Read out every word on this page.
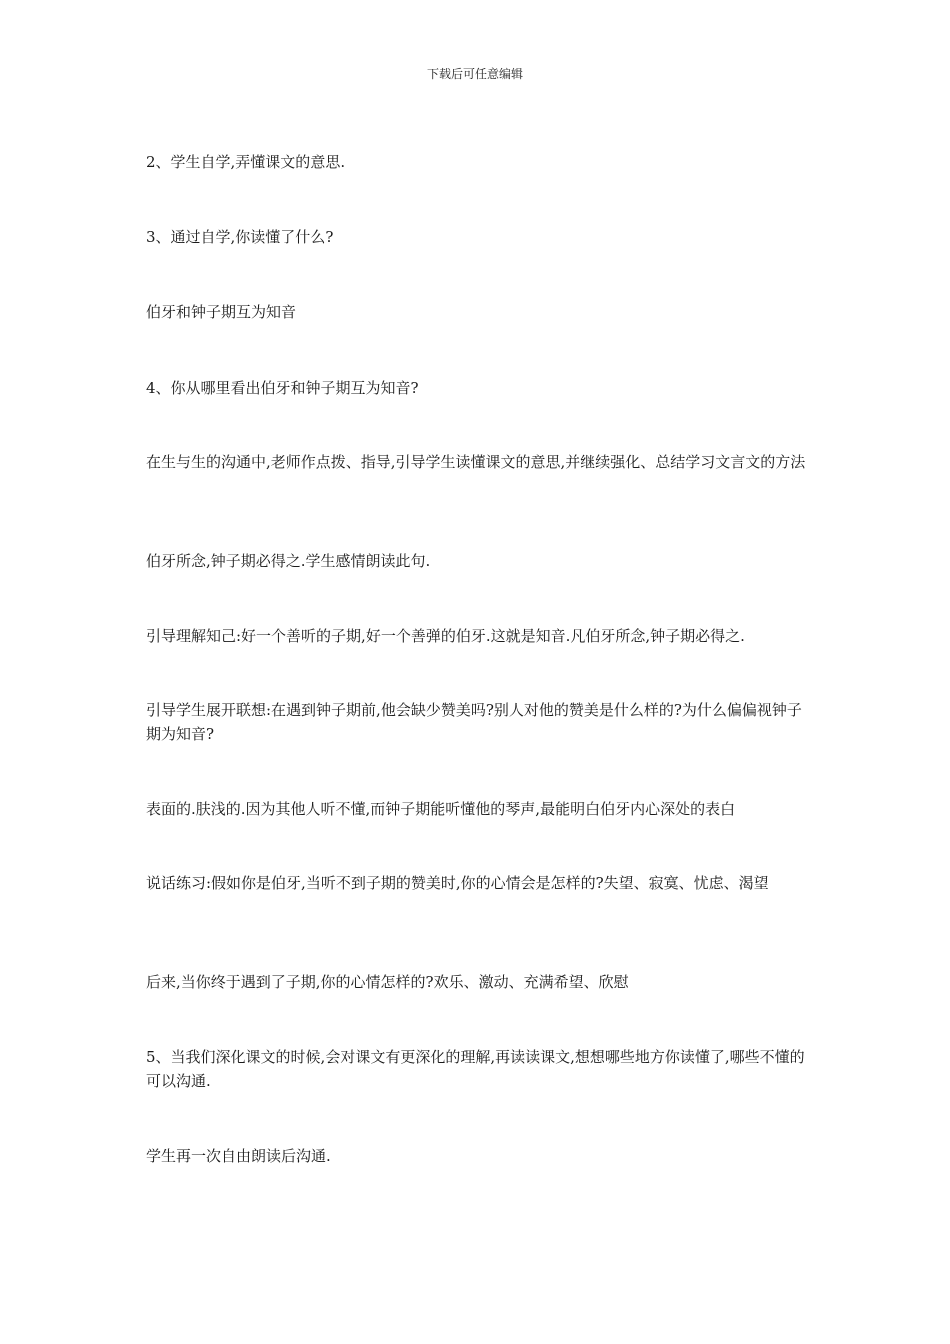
下载后可任意编辑

2、学生自学,弄懂课文的意思.

3、通过自学,你读懂了什么?

伯牙和钟子期互为知音

4、你从哪里看出伯牙和钟子期互为知音?

在生与生的沟通中,老师作点拨、指导,引导学生读懂课文的意思,并继续强化、总结学习文言文的方法

伯牙所念,钟子期必得之.学生感情朗读此句.

引导理解知己:好一个善听的子期,好一个善弹的伯牙.这就是知音.凡伯牙所念,钟子期必得之.

引导学生展开联想:在遇到钟子期前,他会缺少赞美吗?别人对他的赞美是什么样的?为什么偏偏视钟子期为知音?

表面的.肤浅的.因为其他人听不懂,而钟子期能听懂他的琴声,最能明白伯牙内心深处的表白

说话练习:假如你是伯牙,当听不到子期的赞美时,你的心情会是怎样的?失望、寂寞、忧虑、渴望

后来,当你终于遇到了子期,你的心情怎样的?欢乐、激动、充满希望、欣慰

5、当我们深化课文的时候,会对课文有更深化的理解,再读读课文,想想哪些地方你读懂了,哪些不懂的可以沟通.

学生再一次自由朗读后沟通.
